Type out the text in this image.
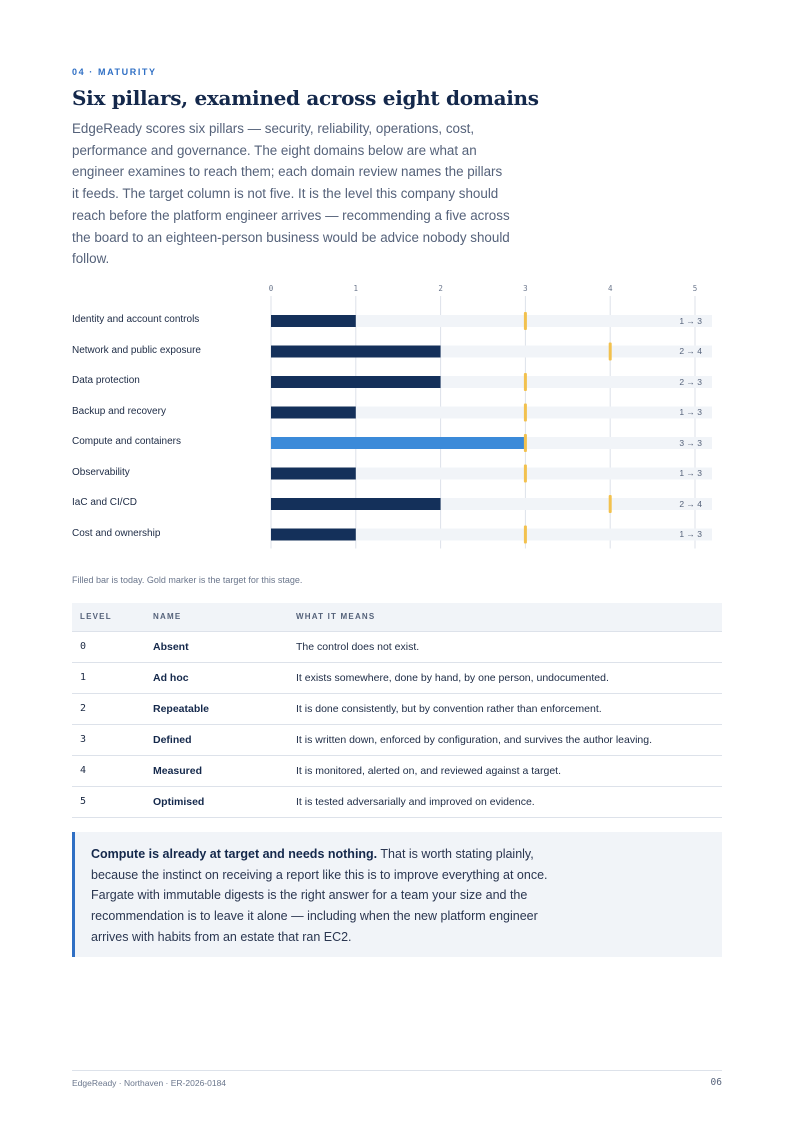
04 · MATURITY
Six pillars, examined across eight domains

EdgeReady scores six pillars — security, reliability, operations, cost, performance and governance. The eight domains below are what an engineer examines to reach them; each domain review names the pillars it feeds. The target column is not five. It is the level this company should reach before the platform engineer arrives — recommending a five across the board to an eighteen-person business would be advice nobody should follow.

0	1	2	3	4	5
Identity and account controls	1 → 3
Network and public exposure	2 → 4
Data protection	2 → 3
Backup and recovery	1 → 3
Compute and containers	3 → 3
Observability	1 → 3
IaC and CI/CD	2 → 4
Cost and ownership	1 → 3
Filled bar is today. Gold marker is the target for this stage.
LEVEL	NAME	WHAT IT MEANS
0	Absent	The control does not exist.
1	Ad hoc	It exists somewhere, done by hand, by one person, undocumented.
2	Repeatable	It is done consistently, but by convention rather than enforcement.
3	Defined	It is written down, enforced by configuration, and survives the author leaving.
4	Measured	It is monitored, alerted on, and reviewed against a target.
5	Optimised	It is tested adversarially and improved on evidence.

Compute is already at target and needs nothing. That is worth stating plainly, because the instinct on receiving a report like this is to improve everything at once. Fargate with immutable digests is the right answer for a team your size and the recommendation is to leave it alone — including when the new platform engineer arrives with habits from an estate that ran EC2.

EdgeReady · Northaven · ER-2026-0184	06
